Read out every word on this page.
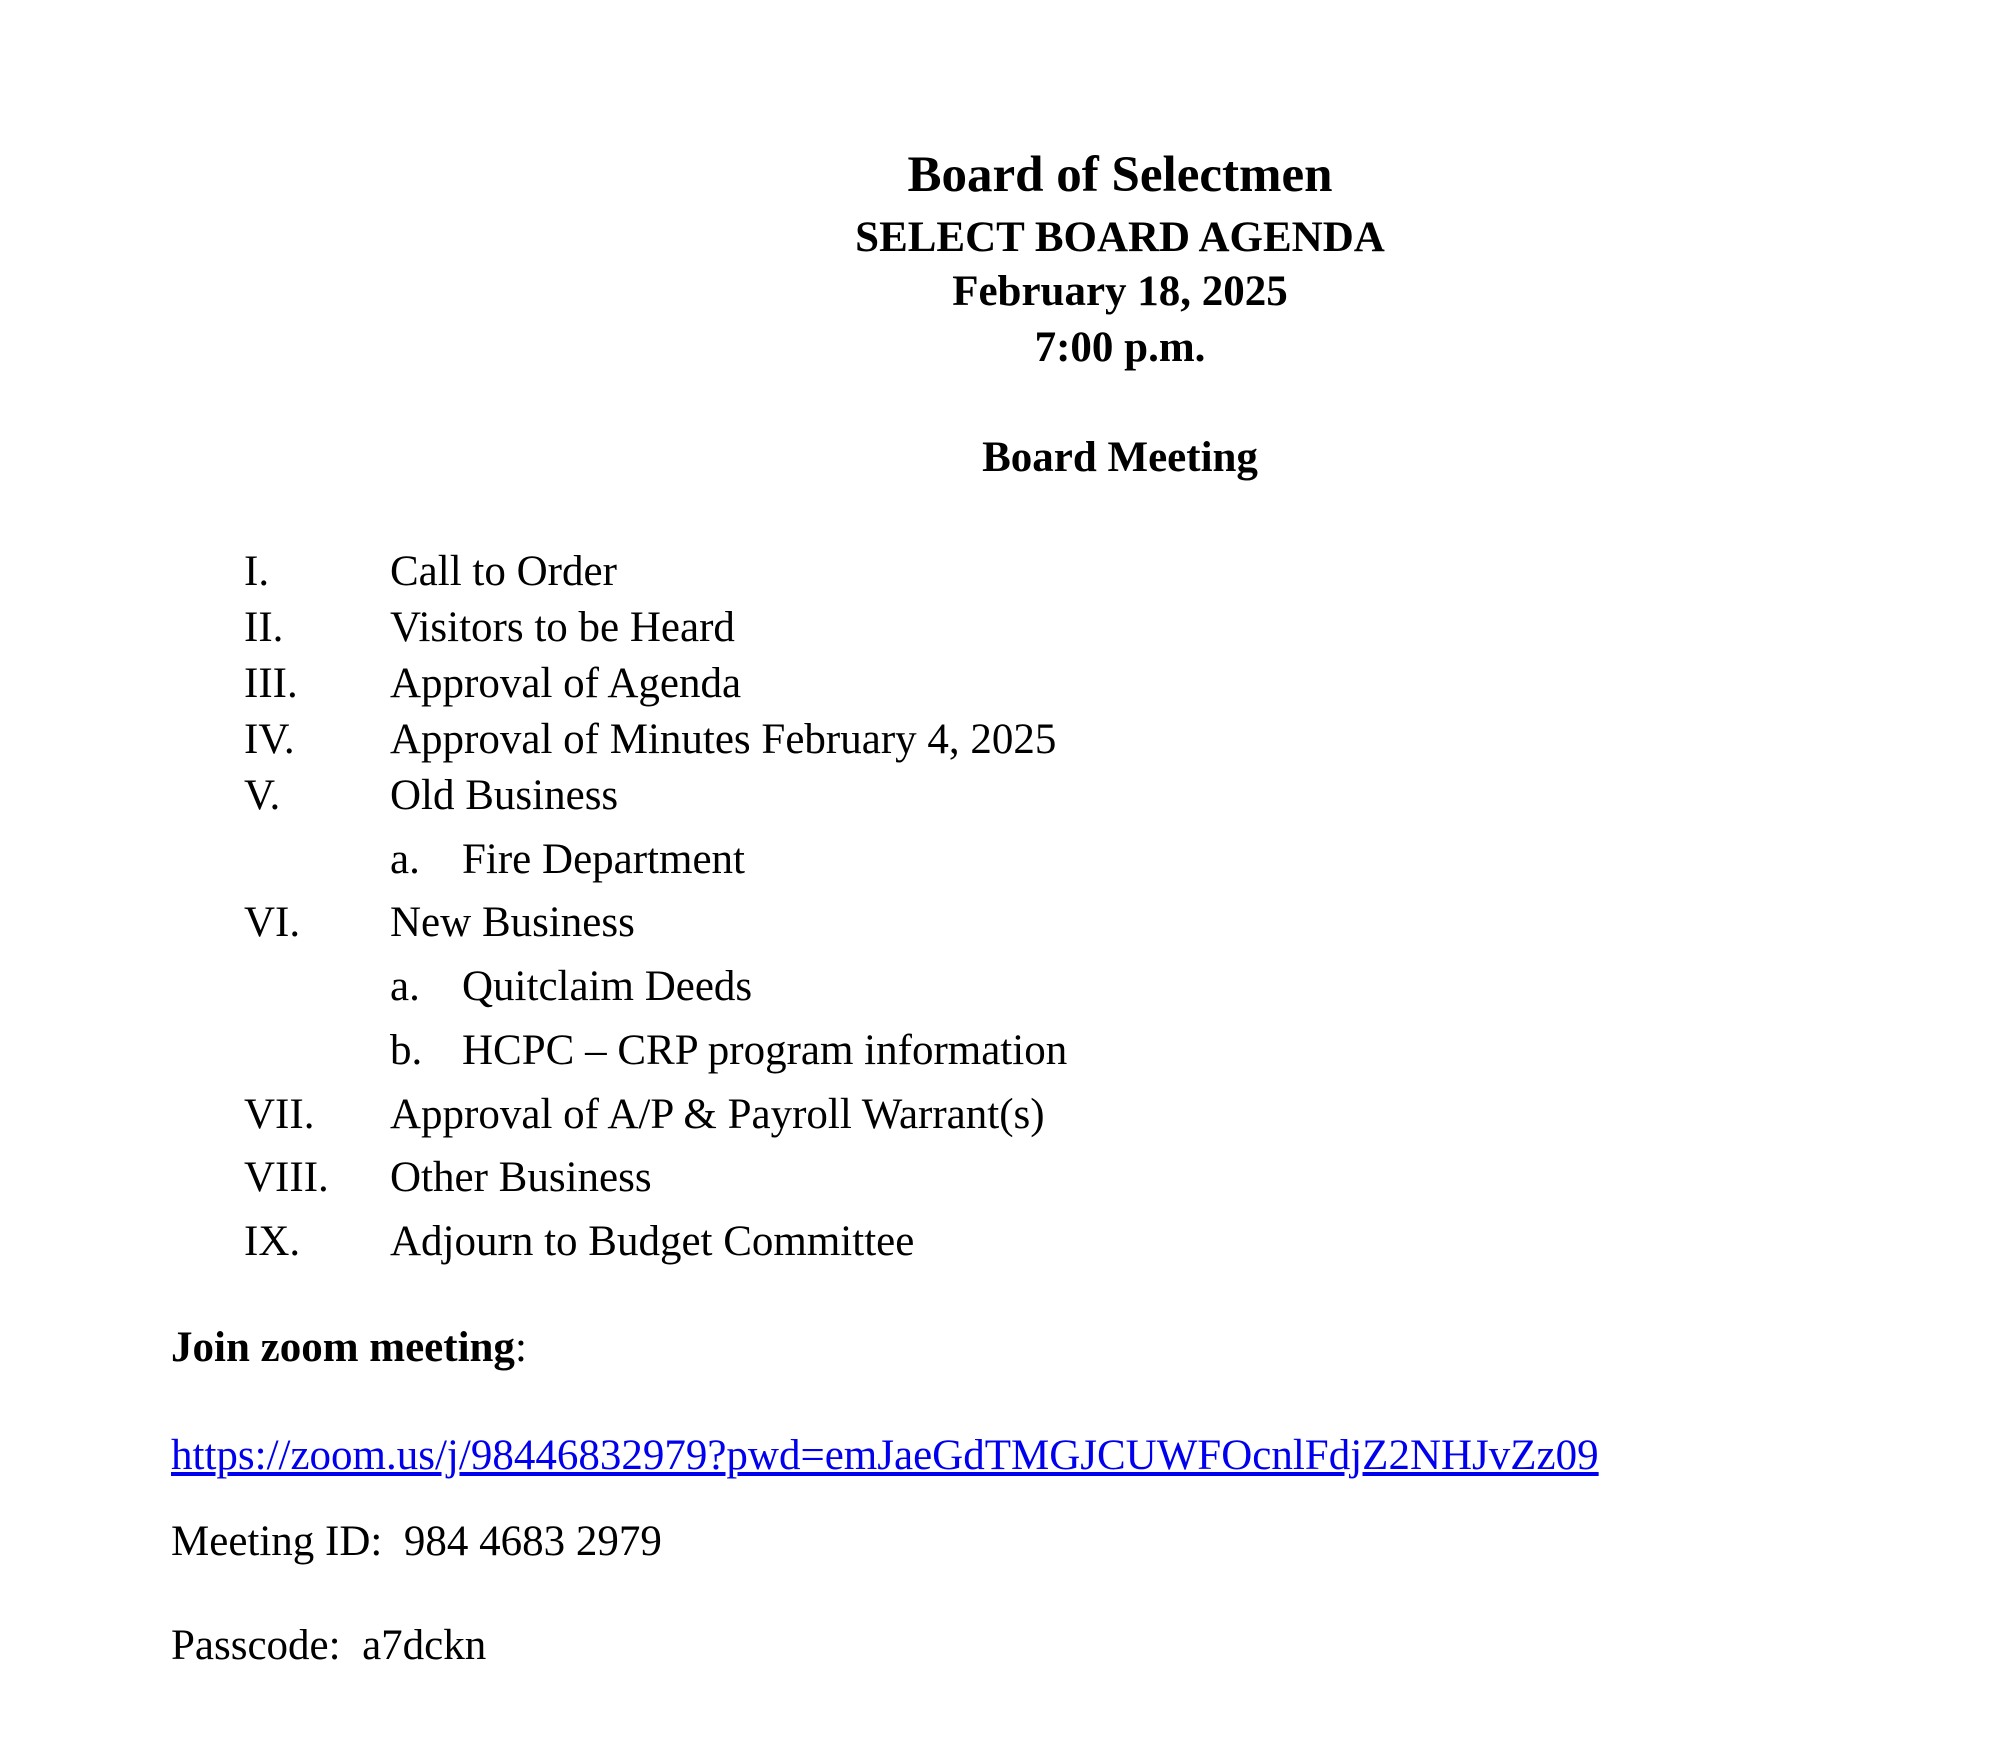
Board of Selectmen
SELECT BOARD AGENDA
February 18, 2025
7:00 p.m.
Board Meeting
I.	Call to Order
II. Visitors to be Heard
III. Approval of Agenda
IV. Approval of Minutes February 4, 2025
V.	Old Business
a. Fire Department
VI. New Business
a. Quitclaim Deeds
b. HCPC – CRP program information
VII. Approval of A/P & Payroll Warrant(s)
VIII. Other Business
IX. Adjourn to Budget Committee
Join zoom meeting:
https://zoom.us/j/98446832979?pwd=emJaeGdTMGJCUWFOcnlFdjZ2NHJvZz09
Meeting ID:  984 4683 2979
Passcode:  a7dckn
